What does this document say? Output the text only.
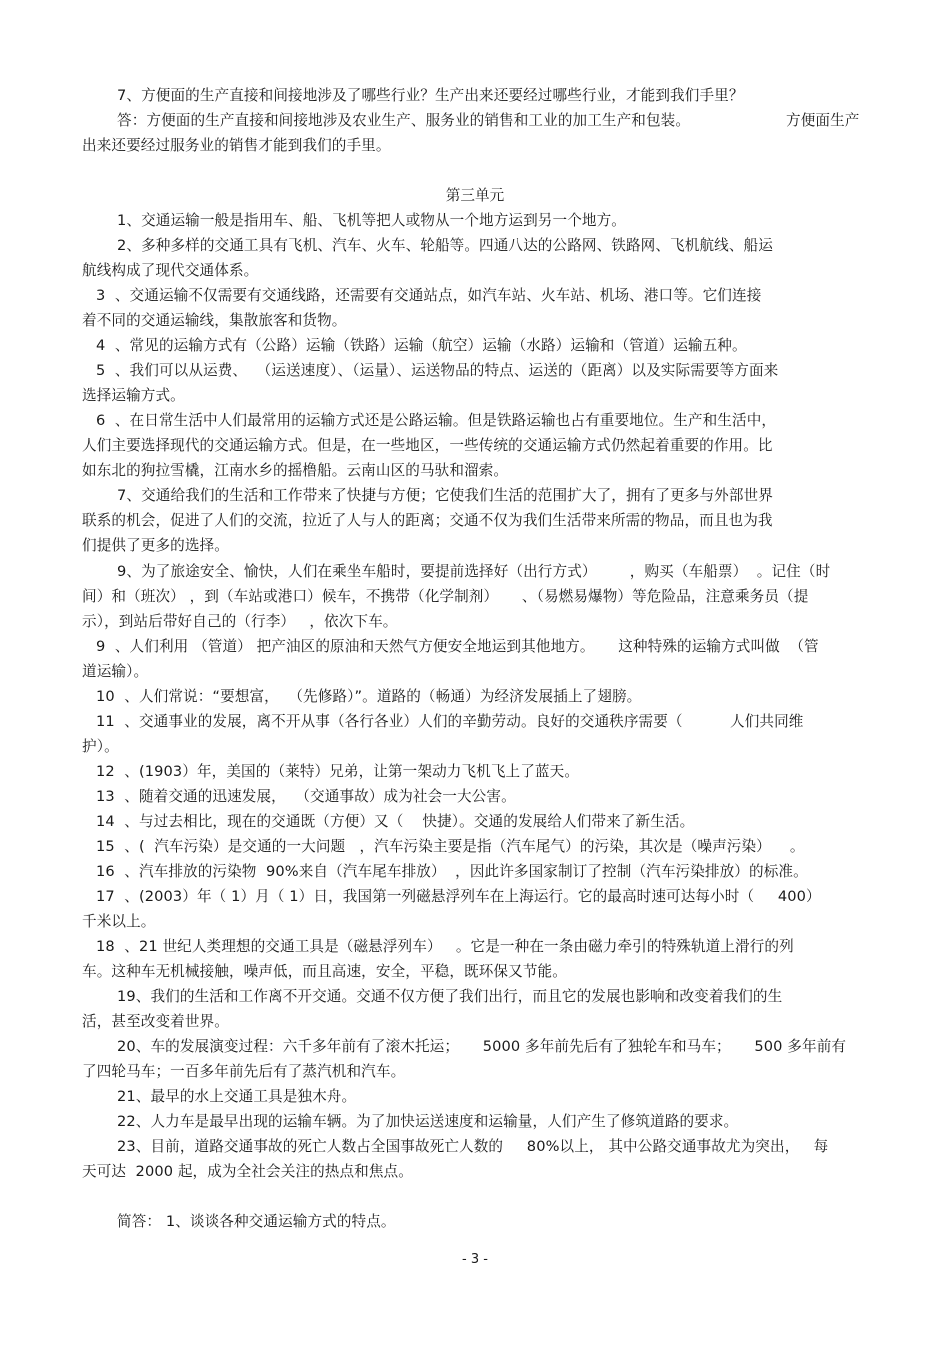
7、方便面的生产直接和间接地涉及了哪些行业？生产出来还要经过哪些行业，才能到我们手里？
答：方便面的生产直接和间接地涉及农业生产、服务业的销售和工业的加工生产和包装。	方便面生产
出来还要经过服务业的销售才能到我们的手里。
第三单元
1、交通运输一般是指用车、船、飞机等把人或物从一个地方运到另一个地方。
2、多种多样的交通工具有飞机、汽车、火车、轮船等。四通八达的公路网、铁路网、飞机航线、船运
航线构成了现代交通体系。
3  、交通运输不仅需要有交通线路，还需要有交通站点，如汽车站、火车站、机场、港口等。它们连接
着不同的交通运输线，集散旅客和货物。
4  、常见的运输方式有（公路）运输（铁路）运输（航空）运输（水路）运输和（管道）运输五种。
5  、我们可以从运费、  （运送速度）、（运量）、运送物品的特点、运送的（距离）以及实际需要等方面来
选择运输方式。
6  、在日常生活中人们最常用的运输方式还是公路运输。但是铁路运输也占有重要地位。生产和生活中，
人们主要选择现代的交通运输方式。但是，在一些地区，一些传统的交通运输方式仍然起着重要的作用。比
如东北的狗拉雪橇，江南水乡的摇橹船。云南山区的马驮和溜索。
7、交通给我们的生活和工作带来了快捷与方便；它使我们生活的范围扩大了，拥有了更多与外部世界
联系的机会，促进了人们的交流，拉近了人与人的距离；交通不仅为我们生活带来所需的物品，而且也为我
们提供了更多的选择。
9、为了旅途安全、愉快，人们在乘坐车船时，要提前选择好（出行方式）       ，购买（车船票）  。记住（时
间）和（班次） ，到（车站或港口）候车，不携带（化学制剂）     、（易燃易爆物）等危险品，注意乘务员（提
示），到站后带好自己的（行李）   ，依次下车。
9  、人们利用 （管道） 把产油区的原油和天然气方便安全地运到其他地方。     这种特殊的运输方式叫做  （管
道运输）。
10  、人们常说：“要想富，  （先修路）”。道路的（畅通）为经济发展插上了翅膀。
11  、交通事业的发展，离不开从事（各行各业）人们的辛勤劳动。良好的交通秩序需要（          人们共同维
护）。
12  、(1903）年，美国的（莱特）兄弟，让第一架动力飞机飞上了蓝天。
13  、随着交通的迅速发展，  （交通事故）成为社会一大公害。
14  、与过去相比，现在的交通既（方便）又（    快捷）。交通的发展给人们带来了新生活。
15  、(  汽车污染）是交通的一大问题   ，汽车污染主要是指（汽车尾气）的污染，其次是（噪声污染）    。
16  、汽车排放的污染物  90%来自（汽车尾车排放）  ，因此许多国家制订了控制（汽车污染排放）的标准。
17  、(2003）年（ 1）月（ 1）日，我国第一列磁悬浮列车在上海运行。它的最高时速可达每小时（     400）
千米以上。
18  、21 世纪人类理想的交通工具是（磁悬浮列车）   。它是一种在一条由磁力牵引的特殊轨道上滑行的列
车。这种车无机械接触，噪声低，而且高速，安全，平稳，既环保又节能。
19、我们的生活和工作离不开交通。交通不仅方便了我们出行，而且它的发展也影响和改变着我们的生
活，甚至改变着世界。
20、车的发展演变过程：六千多年前有了滚木托运；     5000 多年前先后有了独轮车和马车；     500 多年前有
了四轮马车；一百多年前先后有了蒸汽机和汽车。
21、最早的水上交通工具是独木舟。
22、人力车是最早出现的运输车辆。为了加快运送速度和运输量，人们产生了修筑道路的要求。
23、目前，道路交通事故的死亡人数占全国事故死亡人数的     80%以上， 其中公路交通事故尤为突出，   每
天可达  2000 起，成为全社会关注的热点和焦点。
简答： 1、谈谈各种交通运输方式的特点。
- 3 -
